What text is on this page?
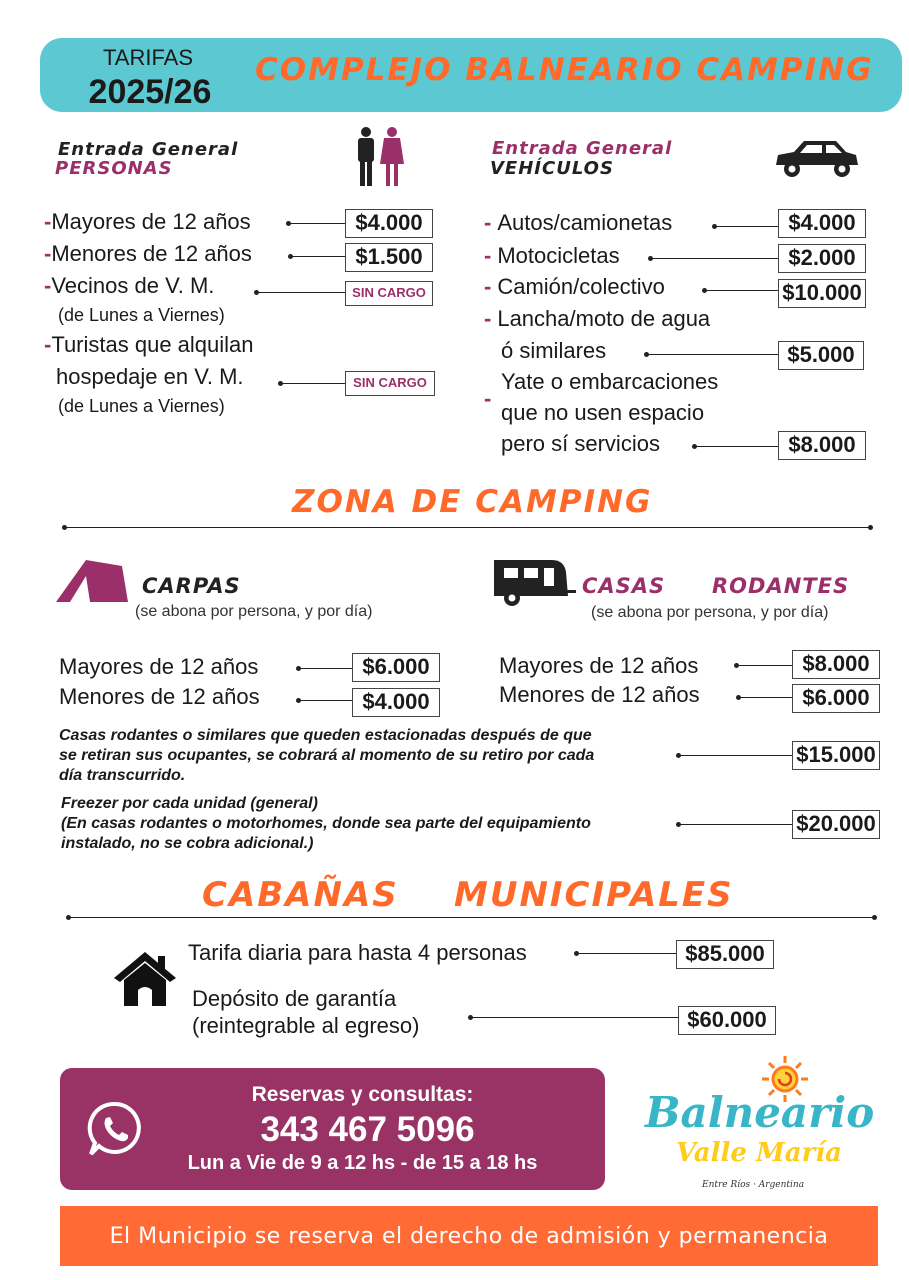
TARIFAS
2025/26
COMPLEJO BALNEARIO CAMPING
Entrada General
PERSONAS
-Mayores de 12 años	$4.000
-Menores de 12 años	$1.500
-Vecinos de V. M.
(de Lunes a Viernes)
SIN CARGO
-Turistas que alquilan
hospedaje en V. M.
(de Lunes a Viernes)
SIN CARGO
Entrada General
VEHÍCULOS
- Autos/camionetas	$4.000
- Motocicletas	$2.000
- Camión/colectivo	$10.000
- Lancha/moto de agua
ó similares	$5.000
Yate o embarcaciones
-
que no usen espacio
pero sí servicios	$8.000
ZONA DE CAMPING
CARPAS
(se abona por persona, y por día)
Mayores de 12 años	$6.000
Menores de 12 años	$4.000
CASAS RODANTES
(se abona por persona, y por día)
Mayores de 12 años	$8.000
Menores de 12 años	$6.000
Casas rodantes o similares que queden estacionadas después de que
se retiran sus ocupantes, se cobrará al momento de su retiro por cada
día transcurrido.
$15.000
Freezer por cada unidad (general)
(En casas rodantes o motorhomes, donde sea parte del equipamiento
instalado, no se cobra adicional.)
$20.000
CABAÑAS MUNICIPALES
Tarifa diaria para hasta 4 personas	$85.000
Depósito de garantía
(reintegrable al egreso)	$60.000
Reservas y consultas:
343 467 5096
Lun a Vie de 9 a 12 hs - de 15 a 18 hs
Balneario
Valle María
Entre Ríos · Argentina
El Municipio se reserva el derecho de admisión y permanencia
